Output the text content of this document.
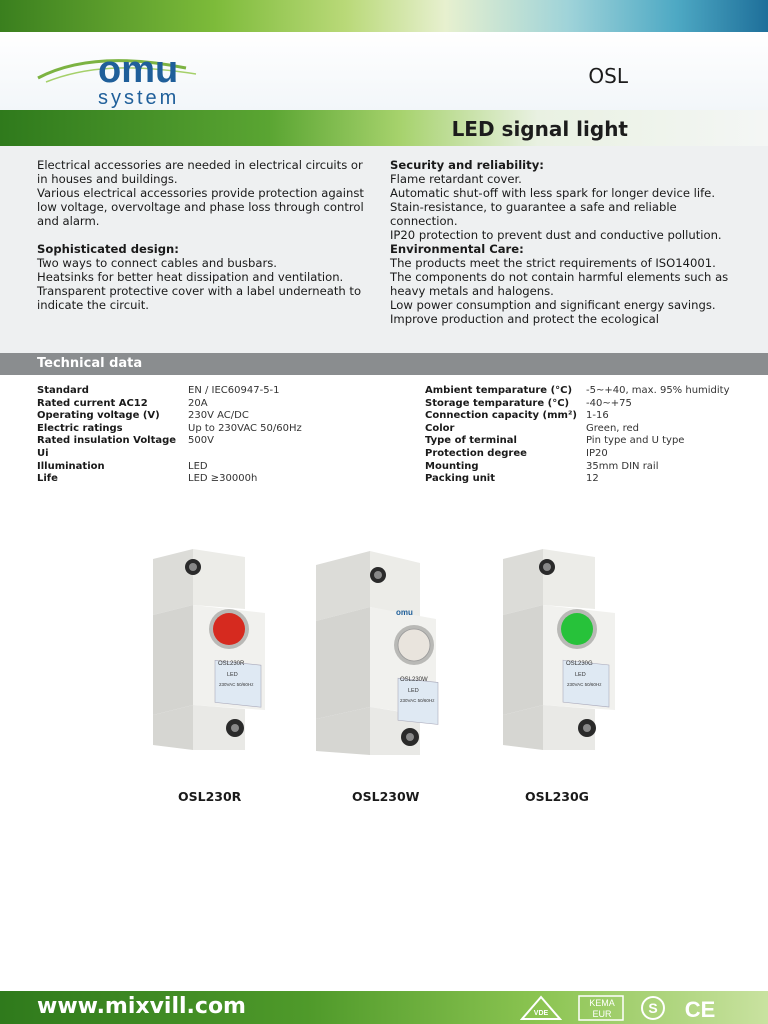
omu
system
OSL
LED signal light

Electrical accessories are needed in electrical circuits or in houses and buildings.

Various electrical accessories provide protection against low voltage, overvoltage and phase loss through control and alarm.

Sophisticated design:

Two ways to connect cables and busbars.

Heatsinks for better heat dissipation and ventilation.

Transparent protective cover with a label underneath to indicate the circuit.

Security and reliability:

Flame retardant cover.

Automatic shut-off with less spark for longer device life.

Stain-resistance, to guarantee a safe and reliable connection.

IP20 protection to prevent dust and conductive pollution.

Environmental Care:

The products meet the strict requirements of ISO14001.

The components do not contain harmful elements such as heavy metals and halogens.

Low power consumption and significant energy savings.

Improve production and protect the ecological

Technical data
Standard	EN / IEC60947-5-1
Rated current AC12	20A
Operating voltage (V)	230V AC/DC
Electric ratings	Up to 230VAC 50/60Hz
Rated insulation Voltage Ui	500V
Illumination	LED
Life	LED ≥30000h
Ambient temparature (°C)	-5~+40, max. 95% humidity
Storage temparature (°C)	-40~+75
Connection capacity (mm²)	1-16
Color	Green, red
Type of terminal	Pin type and U type
Protection degree	IP20
Mounting	35mm DIN rail
Packing unit	12
OSL230R
LED
230VAC 50/60Hz
omu
OSL230W
LED
230VAC 50/60Hz
OSL230G
LED
230VAC 50/60Hz
OSL230R	OSL230W	OSL230G
www.mixvill.com	VDE
KEMA
EUR	S CE
